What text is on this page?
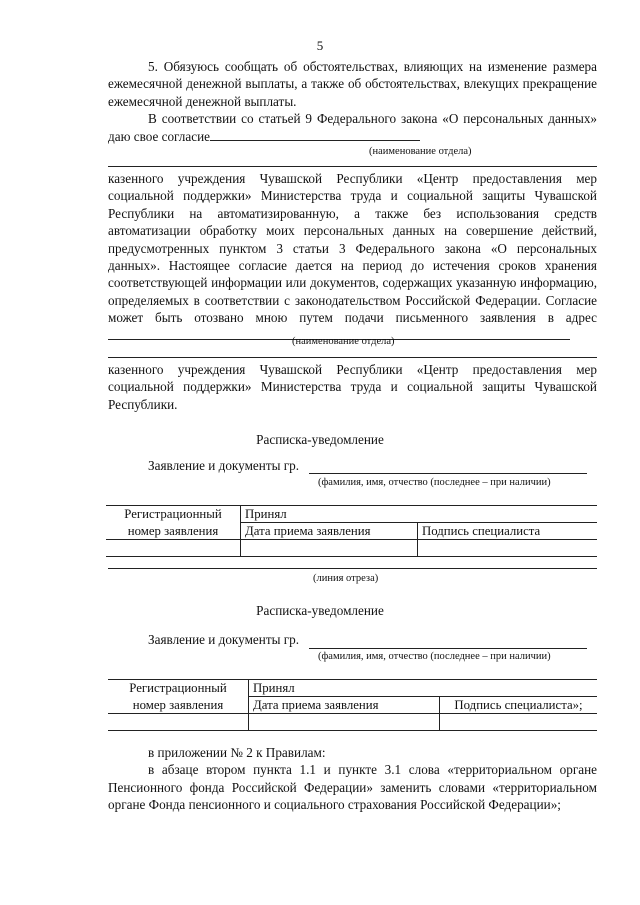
5

5. Обязуюсь сообщать об обстоятельствах, влияющих на изменение размера ежемесячной денежной выплаты, а также об обстоятельствах, влекущих прекращение ежемесячной денежной выплаты.

В соответствии со статьей 9 Федерального закона «О персональных данных» даю свое согласие

(наименование отдела)

казенного учреждения Чувашской Республики «Центр предоставления мер социальной поддержки» Министерства труда и социальной защиты Чувашской Республики на автоматизированную, а также без использования средств автоматизации обработку моих персональных данных на совершение действий, предусмотренных пунктом 3 статьи 3 Федерального закона «О персональных данных». Настоящее согласие дается на период до истечения сроков хранения соответствующей информации или документов, содержащих указанную информацию, определяемых в соответствии с законодательством Российской Федерации. Согласие может быть отозвано мною путем подачи письменного заявления в адрес

(наименование отдела)

казенного учреждения Чувашской Республики «Центр предоставления мер социальной поддержки» Министерства труда и социальной защиты Чувашской Республики.

Расписка-уведомление
Заявление и документы гр.
(фамилия, имя, отчество (последнее – при наличии)
Регистрационный	Принял	
номер заявления	Дата приема заявления	Подпись специалиста

(линия отреза)
Расписка-уведомление
Заявление и документы гр.
(фамилия, имя, отчество (последнее – при наличии)
Регистрационный	Принял	
номер заявления	Дата приема заявления	Подпись специалиста»;

в приложении № 2 к Правилам:

в абзаце втором пункта 1.1 и пункте 3.1 слова «территориальном органе Пенсионного фонда Российской Федерации» заменить словами «территориальном органе Фонда пенсионного и социального страхования Российской Федерации»;
